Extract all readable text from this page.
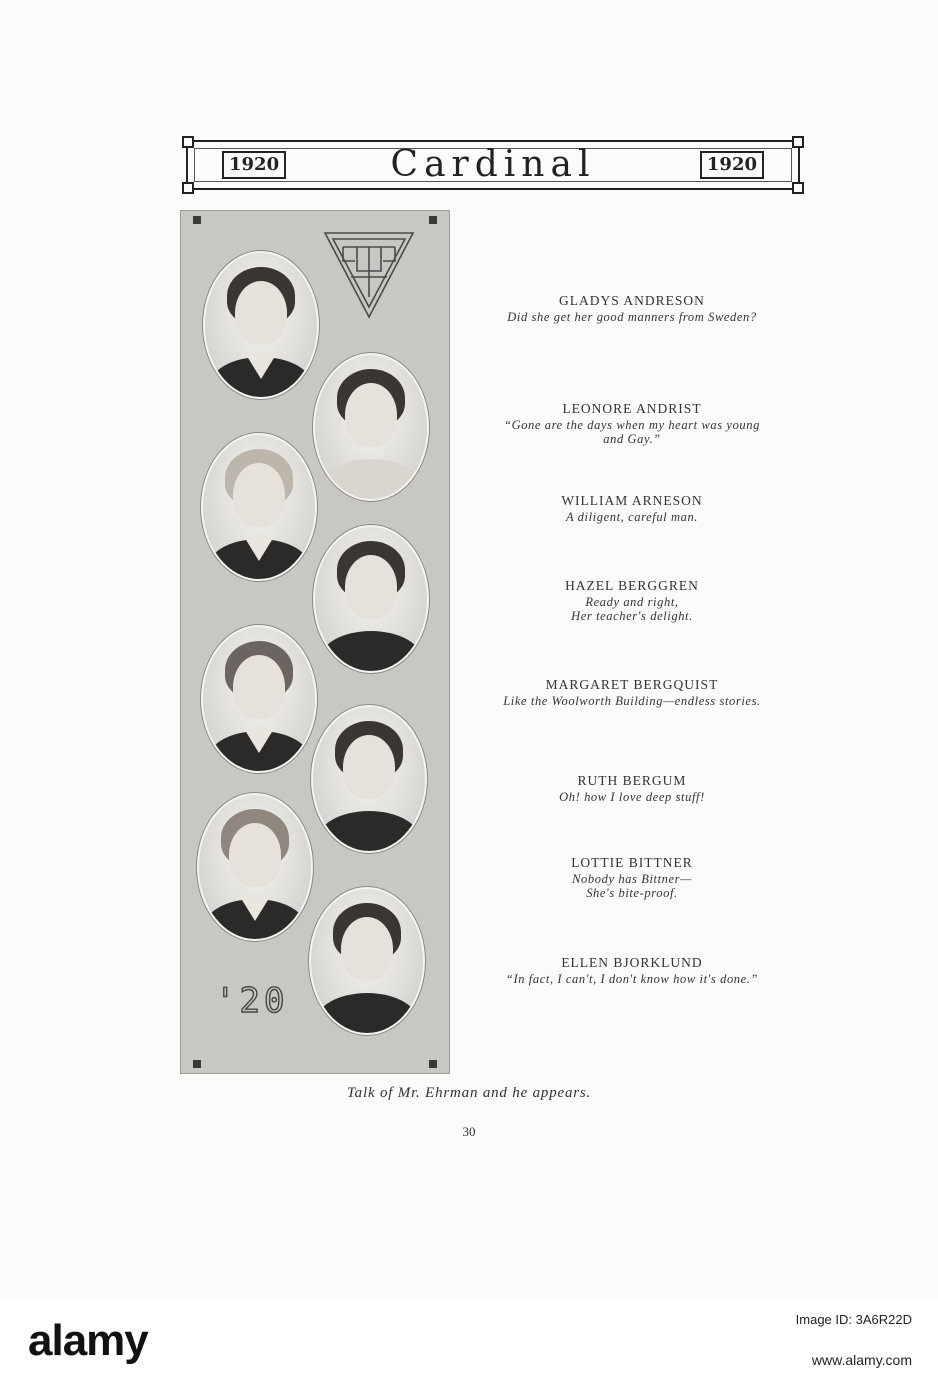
1920	Cardinal	1920
'20
GLADYS ANDRESON
Did she get her good manners from Sweden?
LEONORE ANDRIST
“Gone are the days when my heart was young
and Gay.”
WILLIAM ARNESON
A diligent, careful man.
HAZEL BERGGREN
Ready and right,
Her teacher's delight.
MARGARET BERGQUIST
Like the Woolworth Building—endless stories.
RUTH BERGUM
Oh! how I love deep stuff!
LOTTIE BITTNER
Nobody has Bittner—
She's bite-proof.
ELLEN BJORKLUND
“In fact, I can't, I don't know how it's done.”
Talk of Mr. Ehrman and he appears.
30
alamy	Image ID: 3A6R22D
www.alamy.com
